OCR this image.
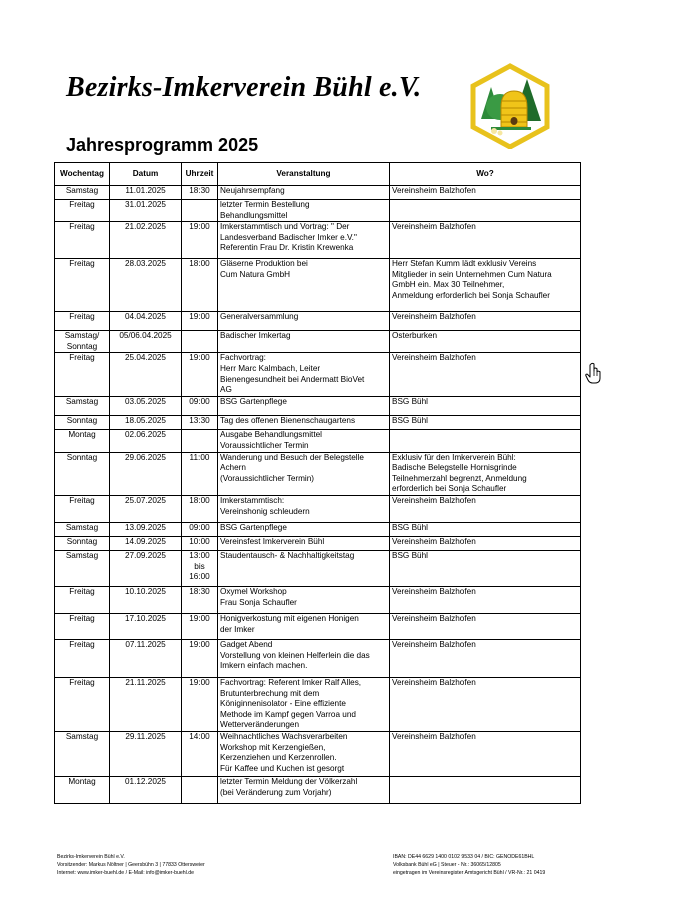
Bezirks-Imkerverein Bühl e.V.
Jahresprogramm 2025
Wochentag	Datum	Uhrzeit	Veranstaltung	Wo?

Samstag	11.01.2025	18:30	Neujahrsempfang	Vereinsheim Balzhofen

Freitag	31.01.2025		letzter Termin Bestellung
Behandlungsmittel	

Freitag	21.02.2025	19:00	Imkerstammtisch und Vortrag: " Der
Landesverband Badischer Imker e.V."
Referentin Frau Dr. Kristin Krewenka	Vereinsheim Balzhofen

Freitag	28.03.2025	18:00	Gläserne Produktion bei
Cum Natura GmbH	Herr Stefan Kumm lädt exklusiv Vereins
Mitglieder in sein Unternehmen Cum Natura
GmbH ein. Max 30 Teilnehmer,
Anmeldung erforderlich bei Sonja Schaufler

Freitag	04.04.2025	19:00	Generalversammlung	Vereinsheim Balzhofen

Samstag/
Sonntag	05/06.04.2025		Badischer Imkertag	Osterburken

Freitag	25.04.2025	19:00	Fachvortrag:
Herr Marc Kalmbach, Leiter
Bienengesundheit bei Andermatt BioVet
AG	Vereinsheim Balzhofen

Samstag	03.05.2025	09:00	BSG Gartenpflege	BSG Bühl

Sonntag	18.05.2025	13:30	Tag des offenen Bienenschaugartens	BSG Bühl

Montag	02.06.2025		Ausgabe Behandlungsmittel
Voraussichtlicher Termin	

Sonntag	29.06.2025	11:00	Wanderung und Besuch der Belegstelle
Achern
(Voraussichtlicher Termin)	Exklusiv für den Imkerverein Bühl:
Badische Belegstelle Hornisgrinde
Teilnehmerzahl begrenzt, Anmeldung
erforderlich bei Sonja Schaufler

Freitag	25.07.2025	18:00	Imkerstammtisch:
Vereinshonig schleudern	Vereinsheim Balzhofen

Samstag	13.09.2025	09:00	BSG Gartenpflege	BSG Bühl

Sonntag	14.09.2025	10:00	Vereinsfest Imkerverein Bühl	Vereinsheim Balzhofen

Samstag	27.09.2025	13:00
bis
16:00	Staudentausch- & Nachhaltigkeitstag	BSG Bühl

Freitag	10.10.2025	18:30	Oxymel Workshop
Frau Sonja Schaufler	Vereinsheim Balzhofen

Freitag	17.10.2025	19:00	Honigverkostung mit eigenen Honigen
der Imker	Vereinsheim Balzhofen

Freitag	07.11.2025	19:00	Gadget Abend
Vorstellung von kleinen Helferlein die das
Imkern einfach machen.	Vereinsheim Balzhofen

Freitag	21.11.2025	19:00	Fachvortrag: Referent Imker Ralf Alles,
Brutunterbrechung mit dem
Königinnenisolator - Eine effiziente
Methode im Kampf gegen Varroa und
Wetterveränderungen	Vereinsheim Balzhofen

Samstag	29.11.2025	14:00	Weihnachtliches Wachsverarbeiten
Workshop mit Kerzengießen,
Kerzenziehen und Kerzenrollen.
Für Kaffee und Kuchen ist gesorgt	Vereinsheim Balzhofen

Montag	01.12.2025		letzter Termin Meldung der Völkerzahl
(bei Veränderung zum Vorjahr)	

Bezirks-Imkerverein Bühl e.V.
Vorsitzender: Markus Nöltner | Geersbühn 3 | 77833 Ottersweier
Internet: www.imker-buehl.de / E-Mail: info@imker-buehl.de
IBAN: DE44 6629 1400 0102 9533 04 / BIC: GENODE61BHL
Volksbank Bühl eG | Steuer - Nr.: 36065/12805
eingetragen im Vereinsregister Amtsgericht Bühl / VR-Nr.: 21 0419
